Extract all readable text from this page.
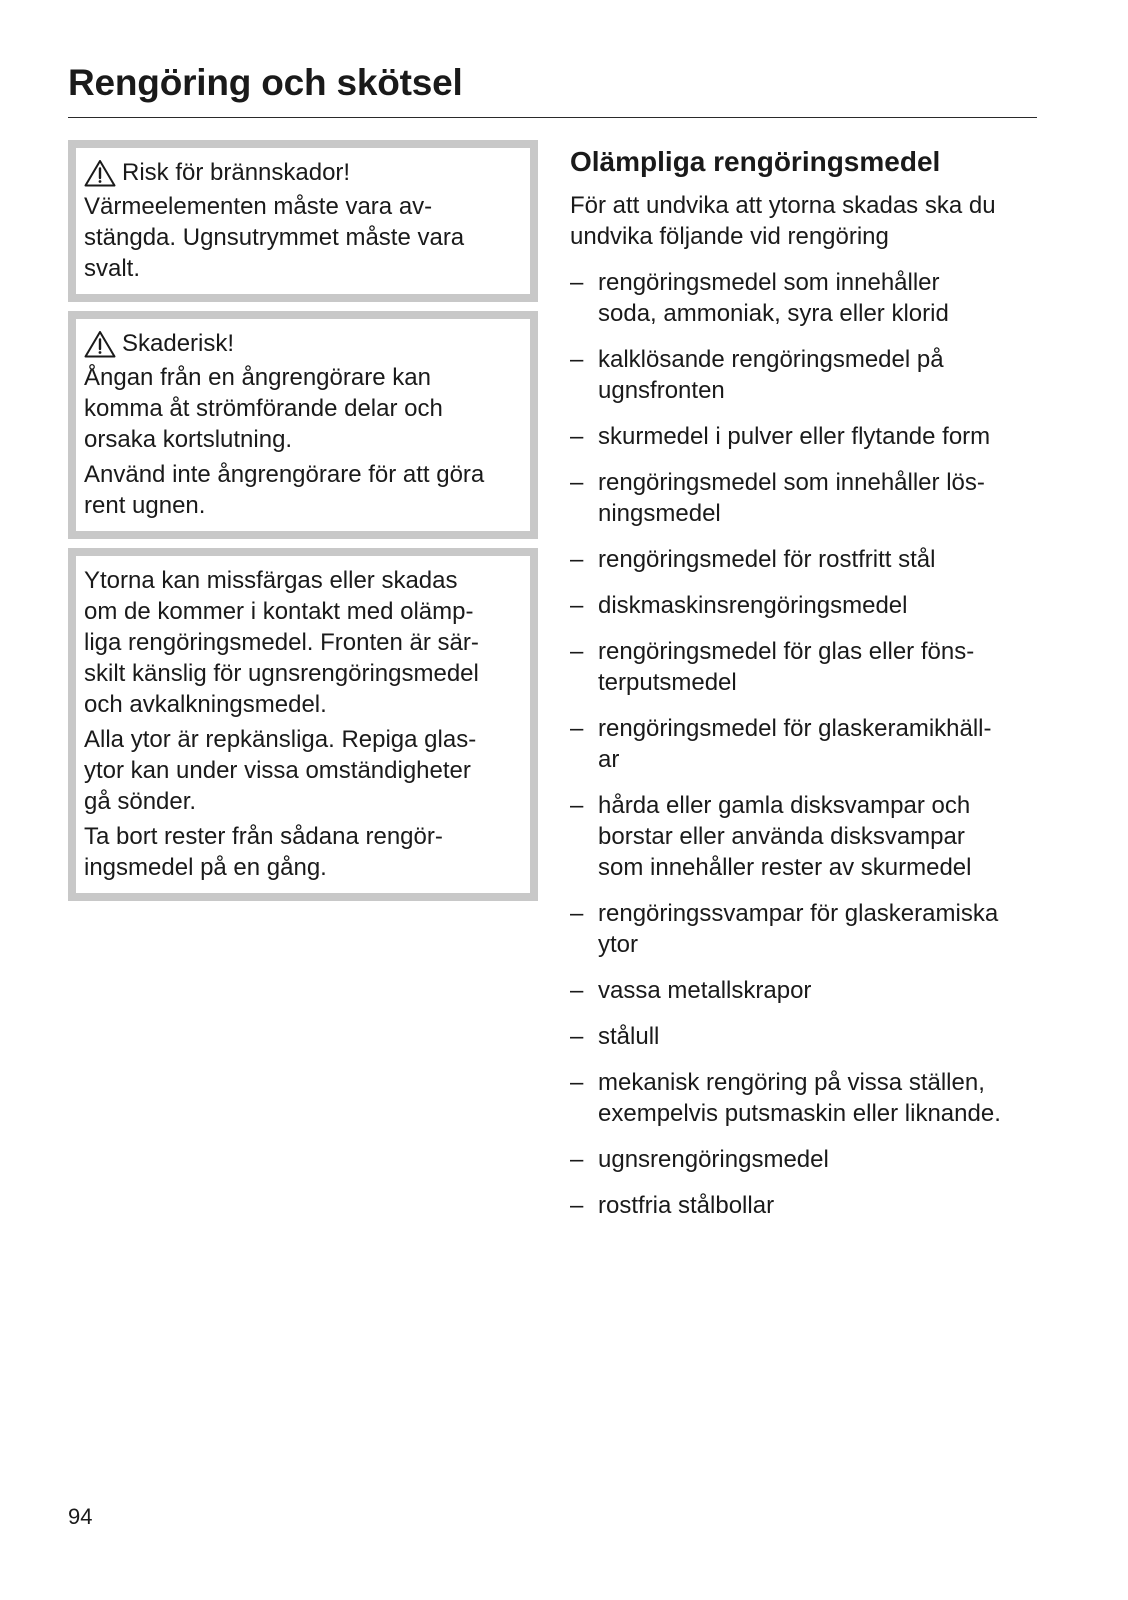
Rengöring och skötsel
Risk för brännskador!

Värmeelementen måste vara av-
stängda. Ugnsutrymmet måste vara
svalt.

Skaderisk!

Ångan från en ångrengörare kan
komma åt strömförande delar och
orsaka kortslutning.

Använd inte ångrengörare för att göra
rent ugnen.

Ytorna kan missfärgas eller skadas
om de kommer i kontakt med olämp-
liga rengöringsmedel. Fronten är sär-
skilt känslig för ugnsrengöringsmedel
och avkalkningsmedel.

Alla ytor är repkänsliga. Repiga glas-
ytor kan under vissa omständigheter
gå sönder.

Ta bort rester från sådana rengör-
ingsmedel på en gång.

Olämpliga rengöringsmedel

För att undvika att ytorna skadas ska du
undvika följande vid rengöring

– rengöringsmedel som innehåller
soda, ammoniak, syra eller klorid
– kalklösande rengöringsmedel på
ugnsfronten
– skurmedel i pulver eller flytande form
– rengöringsmedel som innehåller lös-
ningsmedel
– rengöringsmedel för rostfritt stål
– diskmaskinsrengöringsmedel
– rengöringsmedel för glas eller föns-
terputsmedel
– rengöringsmedel för glaskeramikhäll-
ar
– hårda eller gamla disksvampar och
borstar eller använda disksvampar
som innehåller rester av skurmedel
– rengöringssvampar för glaskeramiska
ytor
– vassa metallskrapor
– stålull
– mekanisk rengöring på vissa ställen,
exempelvis putsmaskin eller liknande.
– ugnsrengöringsmedel
– rostfria stålbollar
94
